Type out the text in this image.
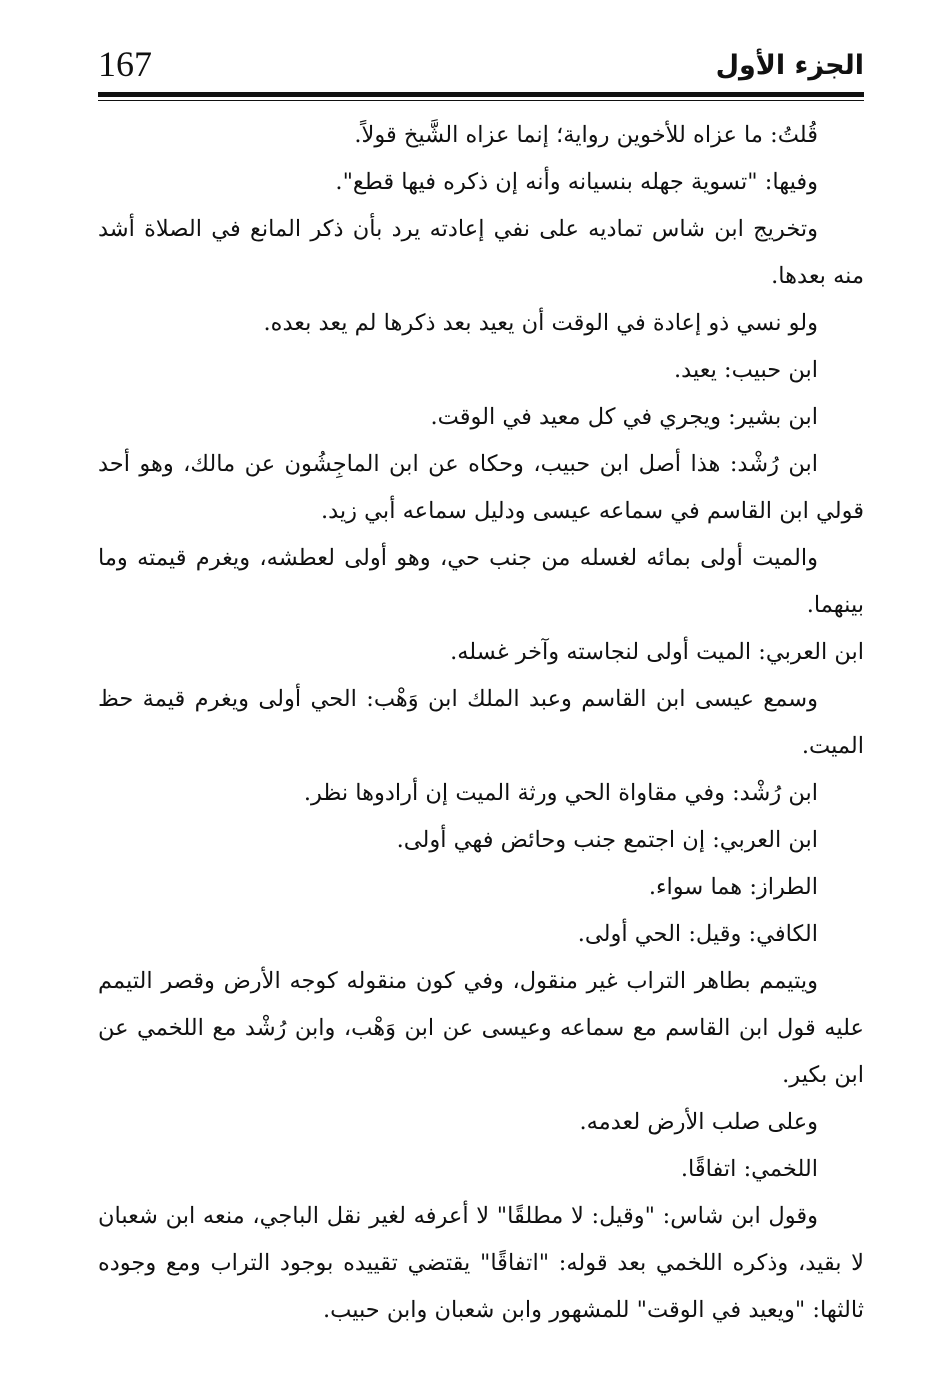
167	الجزء الأول

قُلتُ: ما عزاه للأخوين رواية؛ إنما عزاه الشَّيخ قولاً.

وفيها: "تسوية جهله بنسيانه وأنه إن ذكره فيها قطع".

وتخريج ابن شاس تماديه على نفي إعادته يرد بأن ذكر المانع في الصلاة أشد منه بعدها.

ولو نسي ذو إعادة في الوقت أن يعيد بعد ذكرها لم يعد بعده.

ابن حبيب: يعيد.

ابن بشير: ويجري في كل معيد في الوقت.

ابن رُشْد: هذا أصل ابن حبيب، وحكاه عن ابن الماجِشُون عن مالك، وهو أحد قولي ابن القاسم في سماعه عيسى ودليل سماعه أبي زيد.

والميت أولى بمائه لغسله من جنب حي، وهو أولى لعطشه، ويغرم قيمته وما بينهما.

ابن العربي: الميت أولى لنجاسته وآخر غسله.

وسمع عيسى ابن القاسم وعبد الملك ابن وَهْب: الحي أولى ويغرم قيمة حظ الميت.

ابن رُشْد: وفي مقاواة الحي ورثة الميت إن أرادوها نظر.

ابن العربي: إن اجتمع جنب وحائض فهي أولى.

الطراز: هما سواء.

الكافي: وقيل: الحي أولى.

ويتيمم بطاهر التراب غير منقول، وفي كون منقوله كوجه الأرض وقصر التيمم عليه قول ابن القاسم مع سماعه وعيسى عن ابن وَهْب، وابن رُشْد مع اللخمي عن ابن بكير.

وعلى صلب الأرض لعدمه.

اللخمي: اتفاقًا.

وقول ابن شاس: "وقيل: لا مطلقًا" لا أعرفه لغير نقل الباجي، منعه ابن شعبان لا بقيد، وذكره اللخمي بعد قوله: "اتفاقًا" يقتضي تقييده بوجود التراب ومع وجوده ثالثها: "ويعيد في الوقت" للمشهور وابن شعبان وابن حبيب.
